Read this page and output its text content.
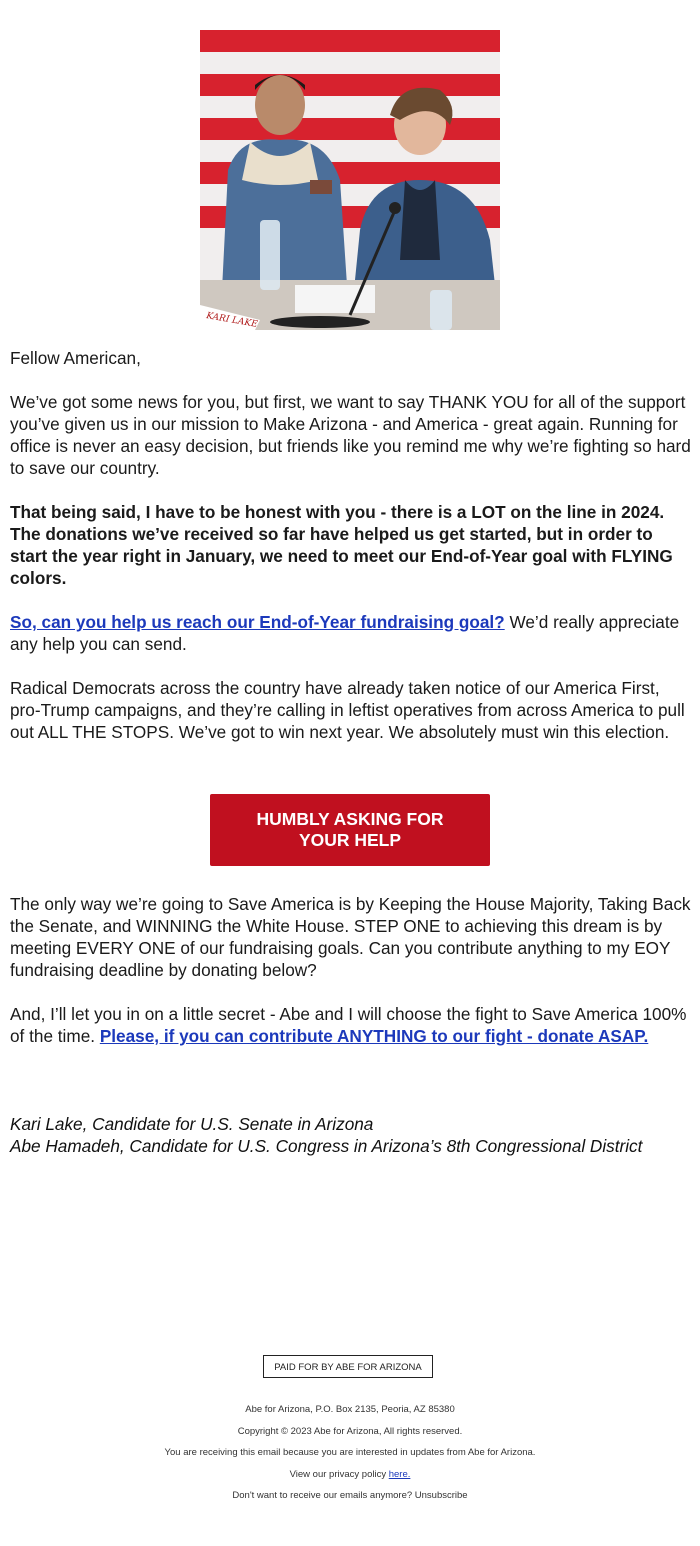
KARI LAKE

Fellow American,

We’ve got some news for you, but first, we want to say THANK YOU for all of the support you’ve given us in our mission to Make Arizona - and America - great again. Running for office is never an easy decision, but friends like you remind me why we’re fighting so hard to save our country.

That being said, I have to be honest with you - there is a LOT on the line in 2024. The donations we’ve received so far have helped us get started, but in order to start the year right in January, we need to meet our End-of-Year goal with FLYING colors.

So, can you help us reach our End-of-Year fundraising goal? We’d really appreciate any help you can send.

Radical Democrats across the country have already taken notice of our America First, pro-Trump campaigns, and they’re calling in leftist operatives from across America to pull out ALL THE STOPS. We’ve got to win next year. We absolutely must win this election.

HUMBLY ASKING FOR YOUR HELP

The only way we’re going to Save America is by Keeping the House Majority, Taking Back the Senate, and WINNING the White House. STEP ONE to achieving this dream is by meeting EVERY ONE of our fundraising goals. Can you contribute anything to my EOY fundraising deadline by donating below?

And, I’ll let you in on a little secret - Abe and I will choose the fight to Save America 100% of the time. Please, if you can contribute ANYTHING to our fight - donate ASAP.

Kari Lake, Candidate for U.S. Senate in Arizona
Abe Hamadeh, Candidate for U.S. Congress in Arizona’s 8th Congressional District
PAID FOR BY ABE FOR ARIZONA
Abe for Arizona, P.O. Box 2135, Peoria, AZ 85380
Copyright © 2023 Abe for Arizona, All rights reserved.
You are receiving this email because you are interested in updates from Abe for Arizona.
View our privacy policy here.
Don't want to receive our emails anymore? Unsubscribe
